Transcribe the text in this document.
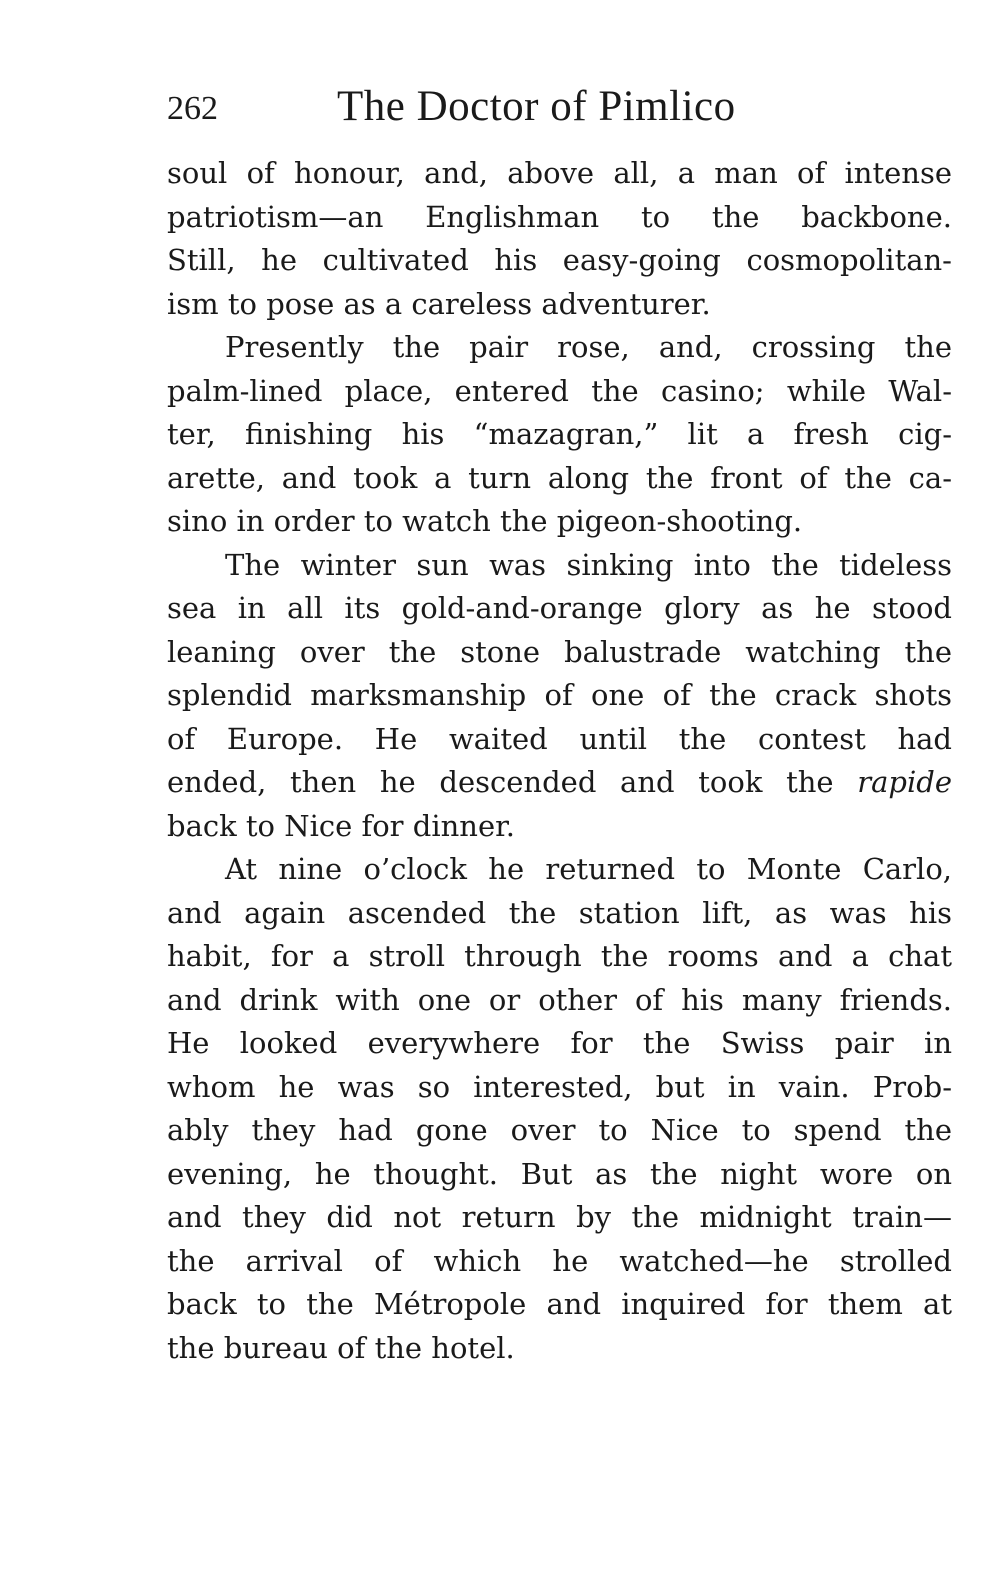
262	The Doctor of Pimlico
soul of honour, and, above all, a man of intense
patriotism—an Englishman to the backbone.
Still, he cultivated his easy-going cosmopolitan-
ism to pose as a careless adventurer.
Presently the pair rose, and, crossing the
palm-lined place, entered the casino; while Wal-
ter, finishing his “mazagran,” lit a fresh cig-
arette, and took a turn along the front of the ca-
sino in order to watch the pigeon-shooting.
The winter sun was sinking into the tideless
sea in all its gold-and-orange glory as he stood
leaning over the stone balustrade watching the
splendid marksmanship of one of the crack shots
of Europe. He waited until the contest had
ended, then he descended and took the rapide
back to Nice for dinner.
At nine o’clock he returned to Monte Carlo,
and again ascended the station lift, as was his
habit, for a stroll through the rooms and a chat
and drink with one or other of his many friends.
He looked everywhere for the Swiss pair in
whom he was so interested, but in vain. Prob-
ably they had gone over to Nice to spend the
evening, he thought. But as the night wore on
and they did not return by the midnight train—
the arrival of which he watched—he strolled
back to the Métropole and inquired for them at
the bureau of the hotel.
